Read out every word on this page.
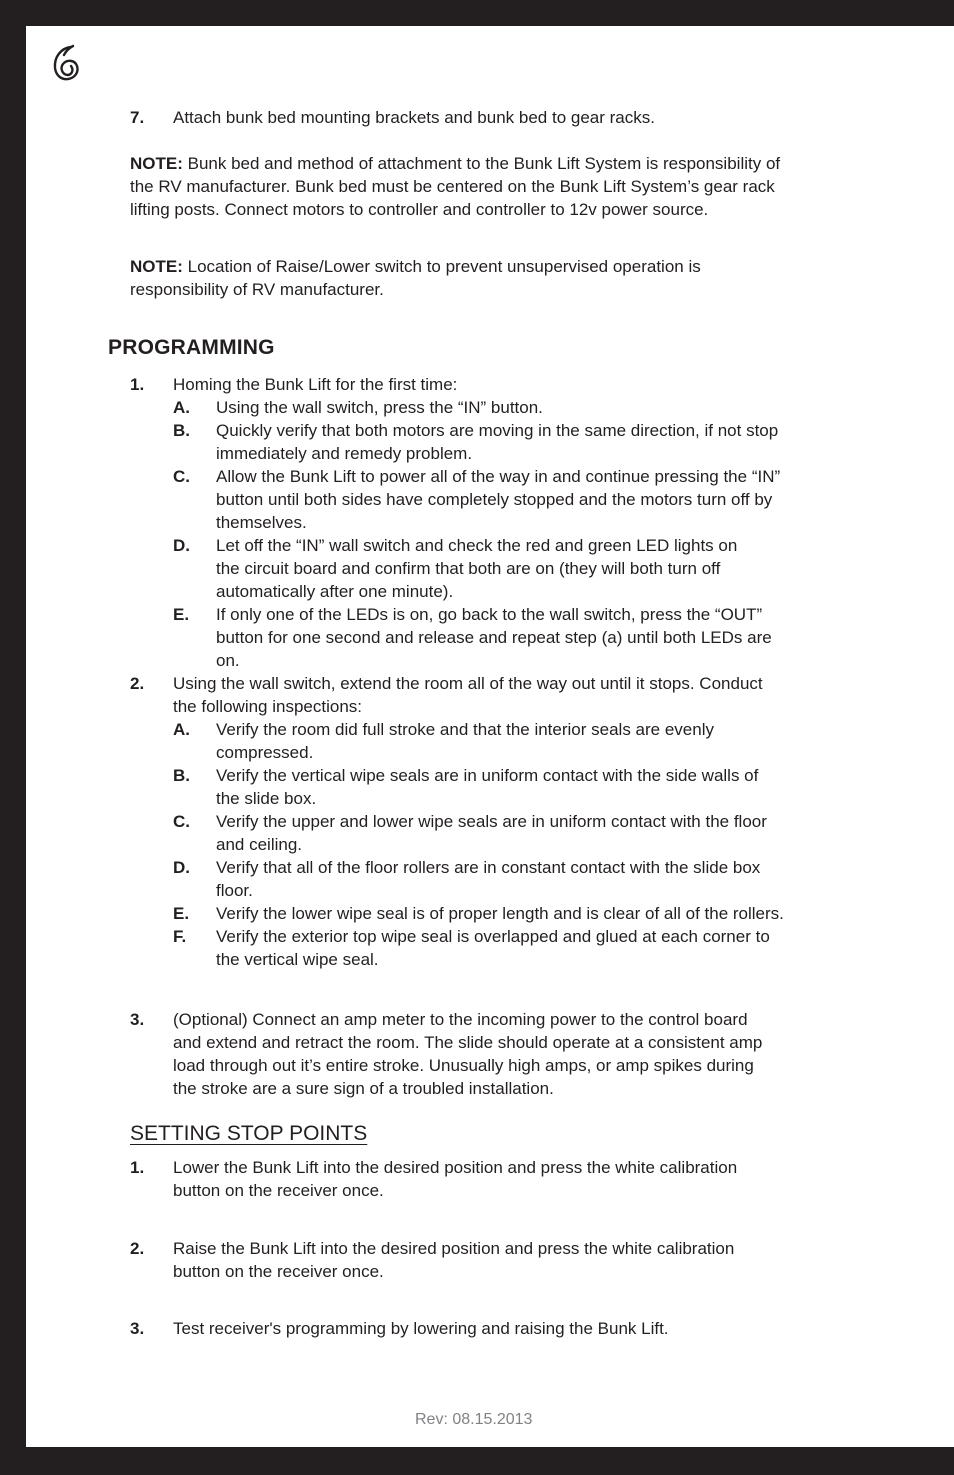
7.	Attach bunk bed mounting brackets and bunk bed to gear racks.
NOTE: Bunk bed and method of attachment to the Bunk Lift System is responsibility of
the RV manufacturer. Bunk bed must be centered on the Bunk Lift System’s gear rack
lifting posts. Connect motors to controller and controller to 12v power source.
NOTE: Location of Raise/Lower switch to prevent unsupervised operation is
responsibility of RV manufacturer.
PROGRAMMING
SETTING STOP POINTS
Rev: 08.15.2013
1. Homing the Bunk Lift for the first time:
A. Using the wall switch, press the “IN” button.
B. Quickly verify that both motors are moving in the same direction, if not stop
immediately and remedy problem.
C. Allow the Bunk Lift to power all of the way in and continue pressing the “IN”
button until both sides have completely stopped and the motors turn off by
themselves.
D. Let off the “IN” wall switch and check the red and green LED lights on
the circuit board and confirm that both are on (they will both turn off
automatically after one minute).
E. If only one of the LEDs is on, go back to the wall switch, press the “OUT”
button for one second and release and repeat step (a) until both LEDs are
on.
2. Using the wall switch, extend the room all of the way out until it stops. Conduct
the following inspections:
A. Verify the room did full stroke and that the interior seals are evenly
compressed.
B. Verify the vertical wipe seals are in uniform contact with the side walls of
the slide box.
C. Verify the upper and lower wipe seals are in uniform contact with the floor
and ceiling.
D. Verify that all of the floor rollers are in constant contact with the slide box
floor.
E. Verify the lower wipe seal is of proper length and is clear of all of the rollers.
F. Verify the exterior top wipe seal is overlapped and glued at each corner to
the vertical wipe seal.
3. (Optional) Connect an amp meter to the incoming power to the control board
and extend and retract the room. The slide should operate at a consistent amp
load through out it’s entire stroke. Unusually high amps, or amp spikes during
the stroke are a sure sign of a troubled installation.
1. Lower the Bunk Lift into the desired position and press the white calibration
button on the receiver once.
2. Raise the Bunk Lift into the desired position and press the white calibration
button on the receiver once.
3. Test receiver's programming by lowering and raising the Bunk Lift.
